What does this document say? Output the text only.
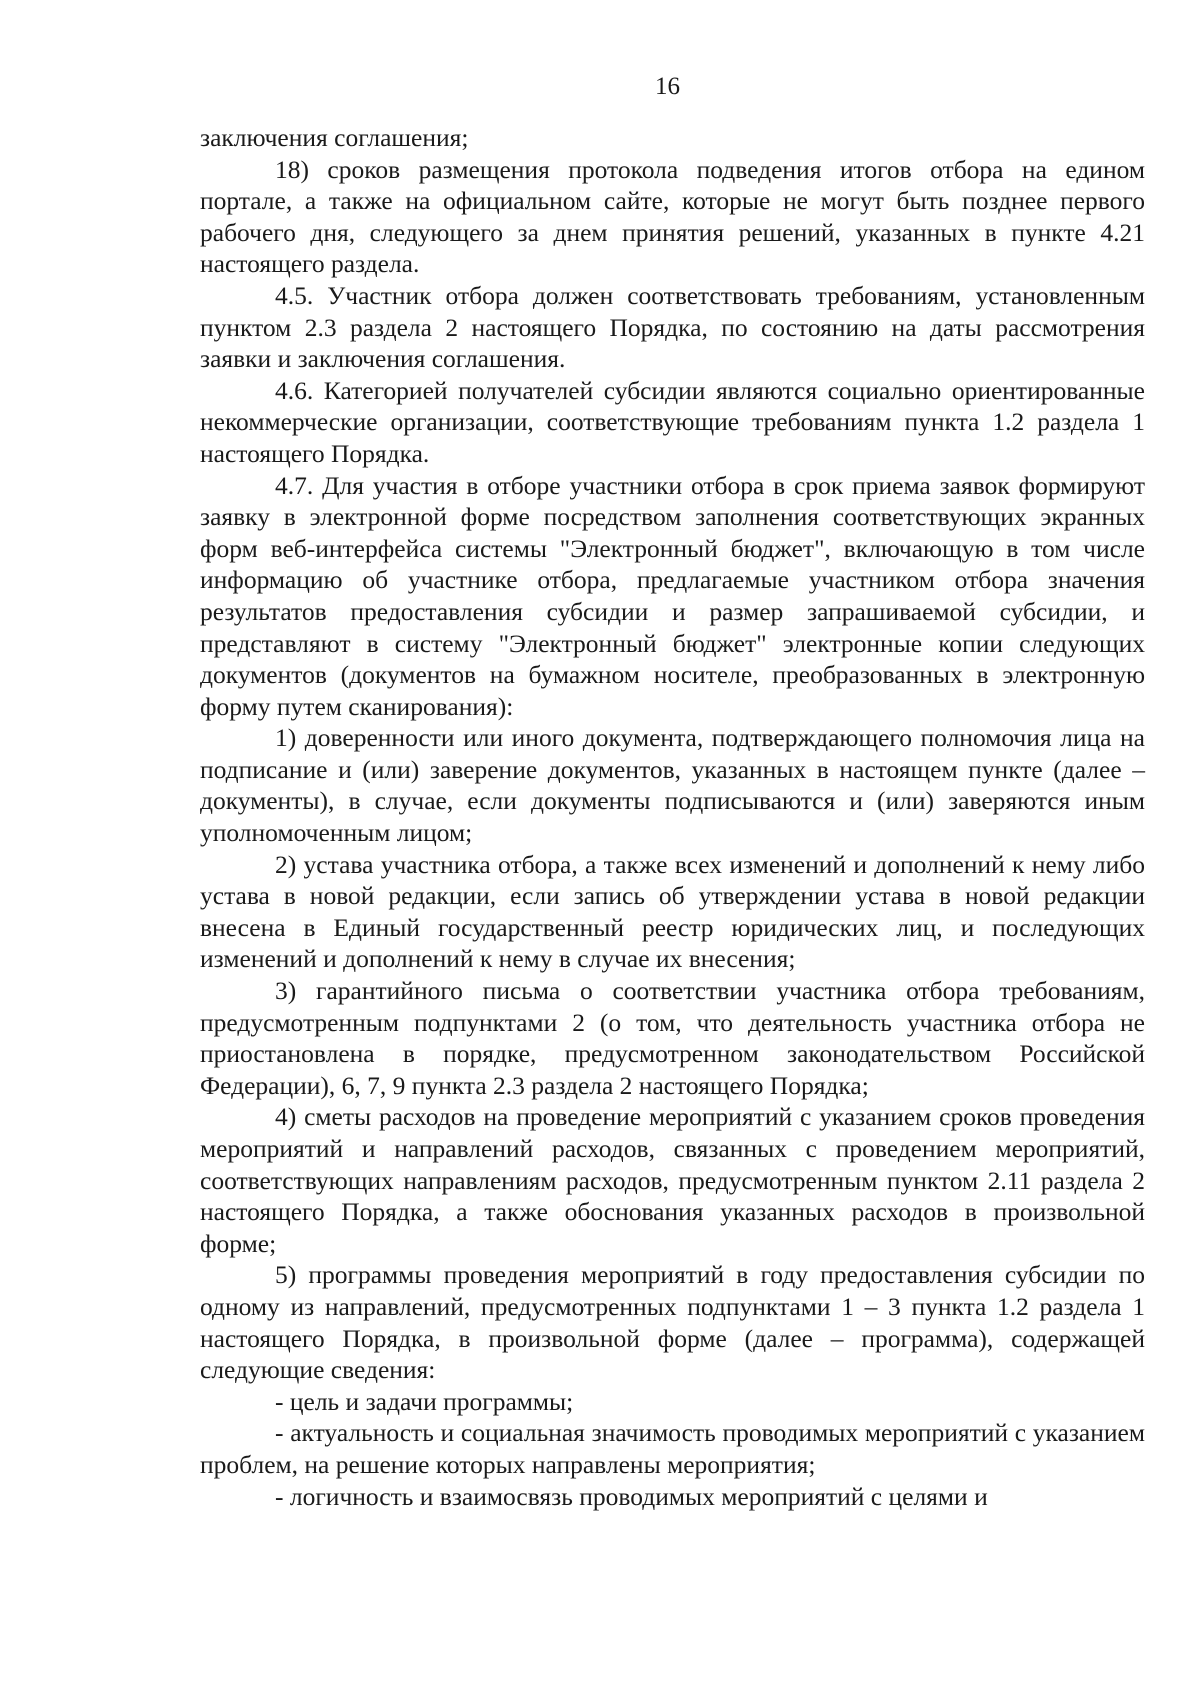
16

заключения соглашения;

18) сроков размещения протокола подведения итогов отбора на едином портале, а также на официальном сайте, которые не могут быть позднее первого рабочего дня, следующего за днем принятия решений, указанных в пункте 4.21 настоящего раздела.

4.5. Участник отбора должен соответствовать требованиям, установленным пунктом 2.3 раздела 2 настоящего Порядка, по состоянию на даты рассмотрения заявки и заключения соглашения.

4.6. Категорией получателей субсидии являются социально ориентированные некоммерческие организации, соответствующие требованиям пункта 1.2 раздела 1 настоящего Порядка.

4.7. Для участия в отборе участники отбора в срок приема заявок формируют заявку в электронной форме посредством заполнения соответствующих экранных форм веб-интерфейса системы "Электронный бюджет", включающую в том числе информацию об участнике отбора, предлагаемые участником отбора значения результатов предоставления субсидии и размер запрашиваемой субсидии, и представляют в систему "Электронный бюджет" электронные копии следующих документов (документов на бумажном носителе, преобразованных в электронную форму путем сканирования):

1) доверенности или иного документа, подтверждающего полномочия лица на подписание и (или) заверение документов, указанных в настоящем пункте (далее – документы), в случае, если документы подписываются и (или) заверяются иным уполномоченным лицом;

2) устава участника отбора, а также всех изменений и дополнений к нему либо устава в новой редакции, если запись об утверждении устава в новой редакции внесена в Единый государственный реестр юридических лиц, и последующих изменений и дополнений к нему в случае их внесения;

3) гарантийного письма о соответствии участника отбора требованиям, предусмотренным подпунктами 2 (о том, что деятельность участника отбора не приостановлена в порядке, предусмотренном законодательством Российской Федерации), 6, 7, 9 пункта 2.3 раздела 2 настоящего Порядка;

4) сметы расходов на проведение мероприятий с указанием сроков проведения мероприятий и направлений расходов, связанных с проведением мероприятий, соответствующих направлениям расходов, предусмотренным пунктом 2.11 раздела 2 настоящего Порядка, а также обоснования указанных расходов в произвольной форме;

5) программы проведения мероприятий в году предоставления субсидии по одному из направлений, предусмотренных подпунктами 1 – 3 пункта 1.2 раздела 1 настоящего Порядка, в произвольной форме (далее – программа), содержащей следующие сведения:

- цель и задачи программы;

- актуальность и социальная значимость проводимых мероприятий с указанием проблем, на решение которых направлены мероприятия;

- логичность и взаимосвязь проводимых мероприятий с целями и
